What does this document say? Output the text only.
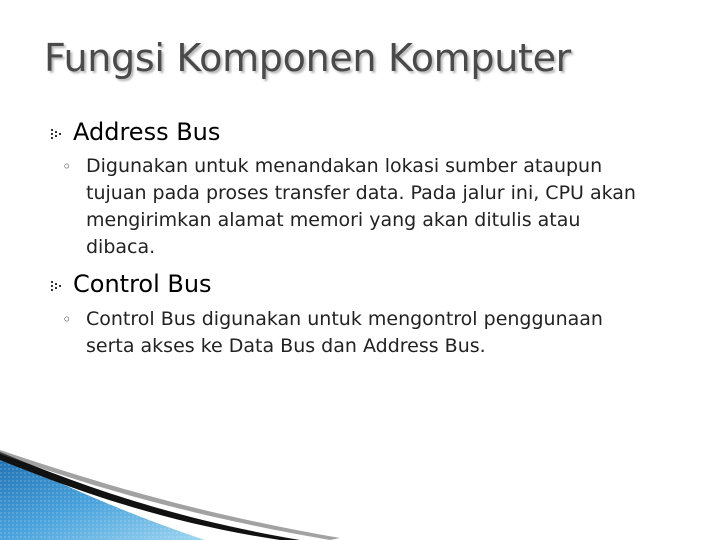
Fungsi Komponen Komputer
Address Bus
◦ Digunakan untuk menandakan lokasi sumber ataupun tujuan pada proses transfer data. Pada jalur ini, CPU akan mengirimkan alamat memori yang akan ditulis atau dibaca.
Control Bus
◦ Control Bus digunakan untuk mengontrol penggunaan serta akses ke Data Bus dan Address Bus.
